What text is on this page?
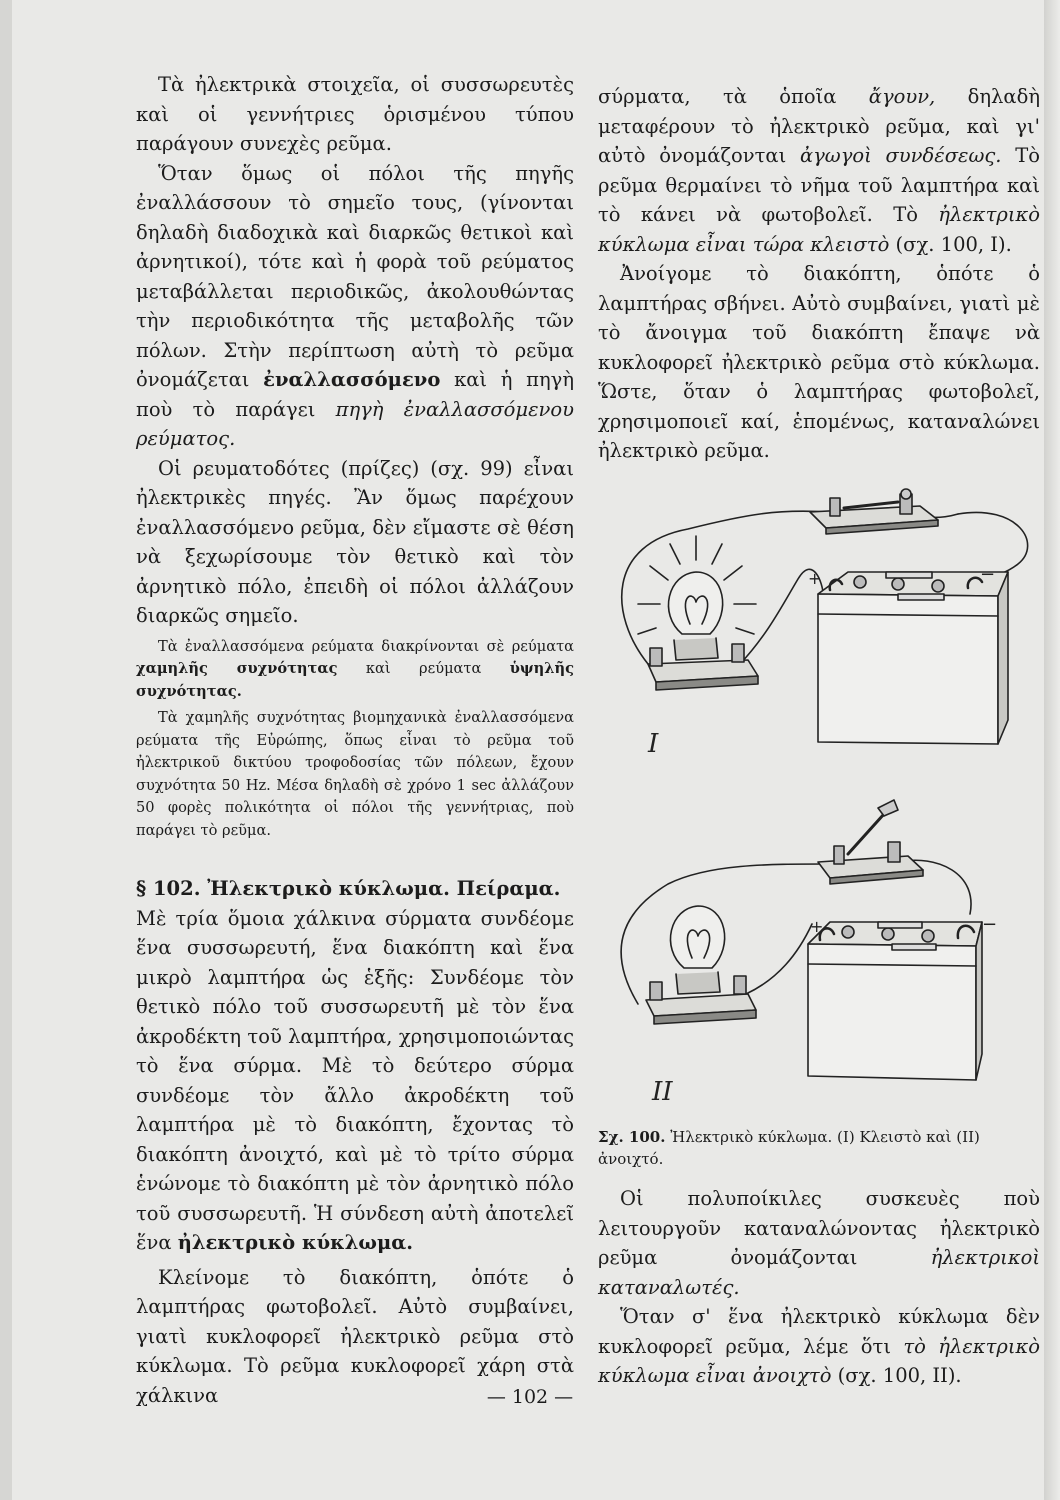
Τὰ ἠλεκτρικὰ στοιχεῖα, οἱ συσσωρευτὲς καὶ οἱ γεννήτριες ὁρισμένου τύπου παράγουν συνεχὲς ρεῦμα.

Ὅταν ὅμως οἱ πόλοι τῆς πηγῆς ἐναλλάσσουν τὸ σημεῖο τους, (γίνονται δηλαδὴ διαδοχικὰ καὶ διαρκῶς θετικοὶ καὶ ἀρνητικοί), τότε καὶ ἡ φορὰ τοῦ ρεύματος μεταβάλλεται περιοδικῶς, ἀκολουθώντας τὴν περιοδικότητα τῆς μεταβολῆς τῶν πόλων. Στὴν περίπτωση αὐτὴ τὸ ρεῦμα ὀνομάζεται ἐναλλασσόμενο καὶ ἡ πηγὴ ποὺ τὸ παράγει πηγὴ ἐναλλασσόμενου ρεύματος.

Οἱ ρευματοδότες (πρίζες) (σχ. 99) εἶναι ἠλεκτρικὲς πηγές. Ἂν ὅμως παρέχουν ἐναλλασσόμενο ρεῦμα, δὲν εἴμαστε σὲ θέση νὰ ξεχωρίσουμε τὸν θετικὸ καὶ τὸν ἀρνητικὸ πόλο, ἐπειδὴ οἱ πόλοι ἀλλάζουν διαρκῶς σημεῖο.

Τὰ ἐναλλασσόμενα ρεύματα διακρίνονται σὲ ρεύματα χαμηλῆς συχνότητας καὶ ρεύματα ὑψηλῆς συχνότητας.

Τὰ χαμηλῆς συχνότητας βιομηχανικὰ ἐναλλασσόμενα ρεύματα τῆς Εὐρώπης, ὅπως εἶναι τὸ ρεῦμα τοῦ ἠλεκτρικοῦ δικτύου τροφοδοσίας τῶν πόλεων, ἔχουν συχνότητα 50 Hz. Μέσα δηλαδὴ σὲ χρόνο 1 sec ἀλλάζουν 50 φορὲς πολικότητα οἱ πόλοι τῆς γεννήτριας, ποὺ παράγει τὸ ρεῦμα.

§ 102. Ἠλεκτρικὸ κύκλωμα. Πείραμα.

Μὲ τρία ὅμοια χάλκινα σύρματα συνδέομε ἕνα συσσωρευτή, ἕνα διακόπτη καὶ ἕνα μικρὸ λαμπτήρα ὡς ἑξῆς: Συνδέομε τὸν θετικὸ πόλο τοῦ συσσωρευτῆ μὲ τὸν ἕνα ἀκροδέκτη τοῦ λαμπτήρα, χρησιμοποιώντας τὸ ἕνα σύρμα. Μὲ τὸ δεύτερο σύρμα συνδέομε τὸν ἄλλο ἀκροδέκτη τοῦ λαμπτήρα μὲ τὸ διακόπτη, ἔχοντας τὸ διακόπτη ἀνοιχτό, καὶ μὲ τὸ τρίτο σύρμα ἑνώνομε τὸ διακόπτη μὲ τὸν ἀρνητικὸ πόλο τοῦ συσσωρευτῆ. Ἡ σύνδεση αὐτὴ ἀποτελεῖ ἕνα ἠλεκτρικὸ κύκλωμα.

Κλείνομε τὸ διακόπτη, ὁπότε ὁ λαμπτήρας φωτοβολεῖ. Αὐτὸ συμβαίνει, γιατὶ κυκλοφορεῖ ἠλεκτρικὸ ρεῦμα στὸ κύκλωμα. Τὸ ρεῦμα κυκλοφορεῖ χάρη στὰ χάλκινα

σύρματα, τὰ ὁποῖα ἄγουν, δηλαδὴ μεταφέρουν τὸ ἠλεκτρικὸ ρεῦμα, καὶ γι' αὐτὸ ὀνομάζονται ἀγωγοὶ συνδέσεως. Τὸ ρεῦμα θερμαίνει τὸ νῆμα τοῦ λαμπτήρα καὶ τὸ κάνει νὰ φωτοβολεῖ. Τὸ ἠλεκτρικὸ κύκλωμα εἶναι τώρα κλειστὸ (σχ. 100, Ι).

Ἀνοίγομε τὸ διακόπτη, ὁπότε ὁ λαμπτήρας σβήνει. Αὐτὸ συμβαίνει, γιατὶ μὲ τὸ ἄνοιγμα τοῦ διακόπτη ἔπαψε νὰ κυκλοφορεῖ ἠλεκτρικὸ ρεῦμα στὸ κύκλωμα. Ὥστε, ὅταν ὁ λαμπτήρας φωτοβολεῖ, χρησιμοποιεῖ καί, ἑπομένως, καταναλώνει ἠλεκτρικὸ ρεῦμα.

+	−
I
+	−
II
Σχ. 100. Ἠλεκτρικὸ κύκλωμα. (Ι) Κλειστὸ καὶ (ΙΙ) ἀνοιχτό.

Οἱ πολυποίκιλες συσκευὲς ποὺ λειτουργοῦν καταναλώνοντας ἠλεκτρικὸ ρεῦμα ὀνομάζονται	ἠλεκτρικοὶ καταναλωτές.

Ὅταν σ' ἕνα ἠλεκτρικὸ κύκλωμα δὲν κυκλοφορεῖ ρεῦμα, λέμε ὅτι τὸ ἠλεκτρικὸ κύκλωμα εἶναι ἀνοιχτὸ (σχ. 100, ΙΙ).

— 102 —
